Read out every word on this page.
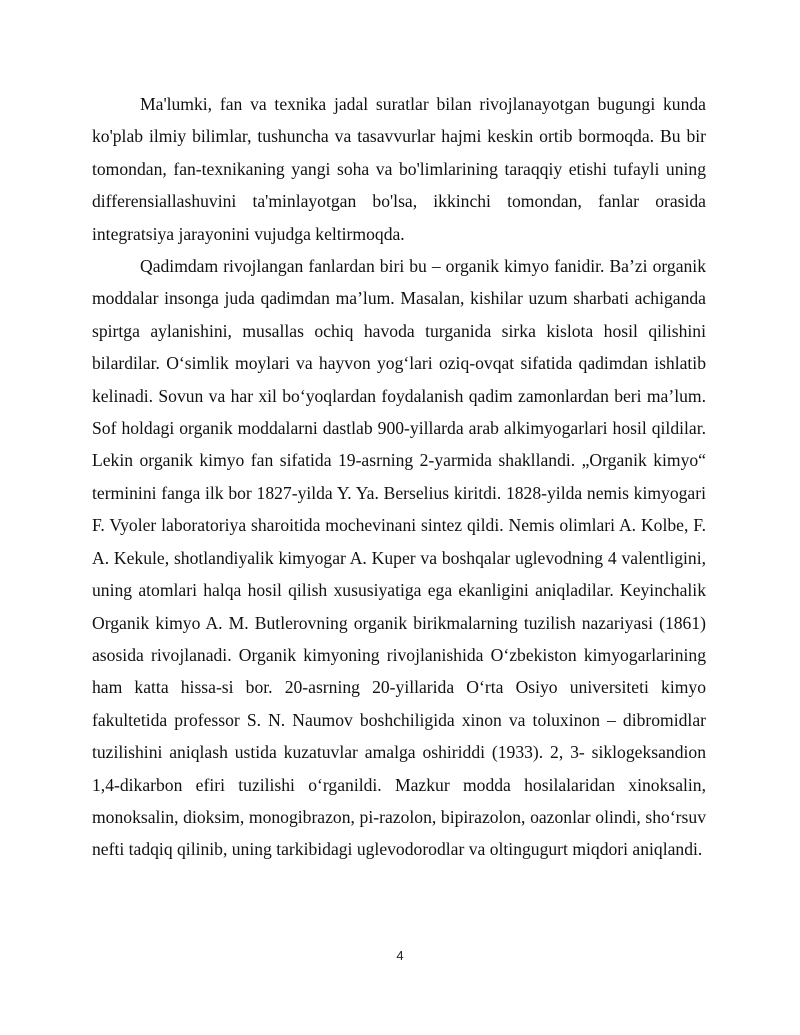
Ma'lumki, fan va texnika jadal suratlar bilan rivojlanayotgan bugungi kunda ko'plab ilmiy bilimlar, tushuncha va tasavvurlar hajmi keskin ortib bormoqda. Bu bir tomondan, fan-texnikaning yangi soha va bo'limlarining taraqqiy etishi tufayli uning differensiallashuvini ta'minlayotgan bo'lsa, ikkinchi tomondan, fanlar orasida integratsiya jarayonini vujudga keltirmoqda.

Qadimdam rivojlangan fanlardan biri bu – organik kimyo fanidir. Ba’zi organik moddalar insonga juda qadimdan ma’lum. Masalan, kishilar uzum sharbati achiganda spirtga aylanishini, musallas ochiq havoda turganida sirka kislota hosil qilishini bilardilar. O‘simlik moylari va hayvon yog‘lari oziq-ovqat sifatida qadimdan ishlatib kelinadi. Sovun va har xil bo‘yoqlardan foydalanish qadim zamonlardan beri ma’lum. Sof holdagi organik moddalarni dastlab 900-yillarda arab alkimyogarlari hosil qildilar. Lekin organik kimyo fan sifatida 19-asrning 2-yarmida shakllandi. „Organik kimyo“ terminini fanga ilk bor 1827-yilda Y. Ya. Berselius kiritdi. 1828-yilda nemis kimyogari F. Vyoler laboratoriya sharoitida mochevinani sintez qildi. Nemis olimlari A. Kolbe, F. A. Kekule, shotlandiyalik kimyogar A. Kuper va boshqalar uglevodning 4 valentligini, uning atomlari halqa hosil qilish xususiyatiga ega ekanligini aniqladilar. Keyinchalik Organik kimyo A. M. Butlerovning organik birikmalarning tuzilish nazariyasi (1861) asosida rivojlanadi. Organik kimyoning rivojlanishida O‘zbekiston kimyogarlarining ham katta hissa-si bor. 20-asrning 20-yillarida O‘rta Osiyo universiteti kimyo fakultetida professor S. N. Naumov boshchiligida xinon va toluxinon – dibromidlar tuzilishini aniqlash ustida kuzatuvlar amalga oshiriddi (1933). 2, 3- siklogeksandion 1,4-dikarbon efiri tuzilishi o‘rganildi. Mazkur modda hosilalaridan xinoksalin, monoksalin, dioksim, monogibrazon, pi-razolon, bipirazolon, oazonlar olindi, sho‘rsuv nefti tadqiq qilinib, uning tarkibidagi uglevodorodlar va oltingugurt miqdori aniqlandi.

4
